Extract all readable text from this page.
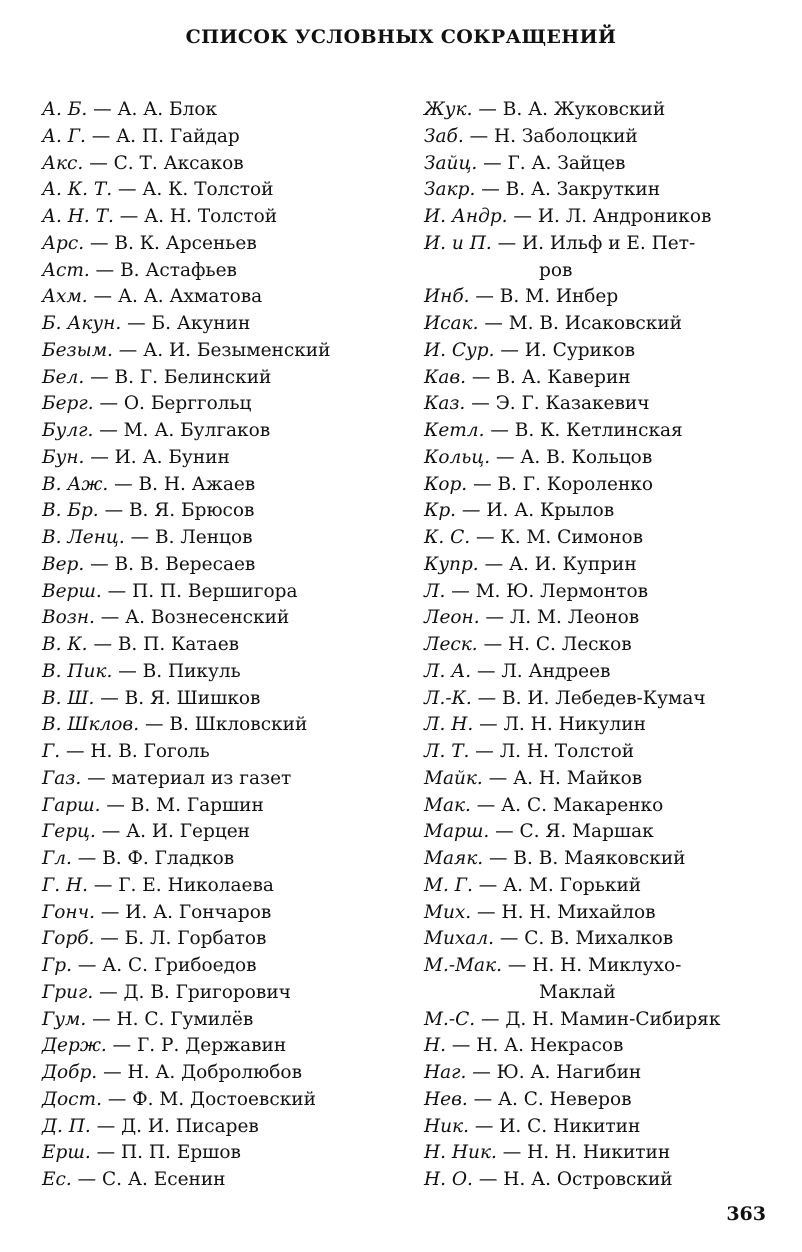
СПИСОК УСЛОВНЫХ СОКРАЩЕНИЙ
А. Б. — А. А. Блок
А. Г. — А. П. Гайдар
Акс. — С. Т. Аксаков
А. К. Т. — А. К. Толстой
А. Н. Т. — А. Н. Толстой
Арс. — В. К. Арсеньев
Аст. — В. Астафьев
Ахм. — А. А. Ахматова
Б. Акун. — Б. Акунин
Безым. — А. И. Безыменский
Бел. — В. Г. Белинский
Берг. — О. Берггольц
Булг. — М. А. Булгаков
Бун. — И. А. Бунин
В. Аж. — В. Н. Ажаев
В. Бр. — В. Я. Брюсов
В. Ленц. — В. Ленцов
Вер. — В. В. Вересаев
Верш. — П. П. Вершигора
Возн. — А. Вознесенский
В. К. — В. П. Катаев
В. Пик. — В. Пикуль
В. Ш. — В. Я. Шишков
В. Шклов. — В. Шкловский
Г. — Н. В. Гоголь
Газ. — материал из газет
Гарш. — В. М. Гаршин
Герц. — А. И. Герцен
Гл. — В. Ф. Гладков
Г. Н. — Г. Е. Николаева
Гонч. — И. А. Гончаров
Горб. — Б. Л. Горбатов
Гр. — А. С. Грибоедов
Григ. — Д. В. Григорович
Гум. — Н. С. Гумилёв
Держ. — Г. Р. Державин
Добр. — Н. А. Добролюбов
Дост. — Ф. М. Достоевский
Д. П. — Д. И. Писарев
Ерш. — П. П. Ершов
Ес. — С. А. Есенин
Жук. — В. А. Жуковский
Заб. — Н. Заболоцкий
Зайц. — Г. А. Зайцев
Закр. — В. А. Закруткин
И. Андр. — И. Л. Андроников
И. и П. — И. Ильф и Е. Пет-
ров
Инб. — В. М. Инбер
Исак. — М. В. Исаковский
И. Сур. — И. Суриков
Кав. — В. А. Каверин
Каз. — Э. Г. Казакевич
Кетл. — В. К. Кетлинская
Кольц. — А. В. Кольцов
Кор. — В. Г. Короленко
Кр. — И. А. Крылов
К. С. — К. М. Симонов
Купр. — А. И. Куприн
Л. — М. Ю. Лермонтов
Леон. — Л. М. Леонов
Леск. — Н. С. Лесков
Л. А. — Л. Андреев
Л.-К. — В. И. Лебедев-Кумач
Л. Н. — Л. Н. Никулин
Л. Т. — Л. Н. Толстой
Майк. — А. Н. Майков
Мак. — А. С. Макаренко
Марш. — С. Я. Маршак
Маяк. — В. В. Маяковский
М. Г. — А. М. Горький
Мих. — Н. Н. Михайлов
Михал. — С. В. Михалков
М.-Мак. — Н. Н. Миклухо-
Маклай
М.-С. — Д. Н. Мамин-Сибиряк
Н. — Н. А. Некрасов
Наг. — Ю. А. Нагибин
Нев. — А. С. Неверов
Ник. — И. С. Никитин
Н. Ник. — Н. Н. Никитин
Н. О. — Н. А. Островский
363
